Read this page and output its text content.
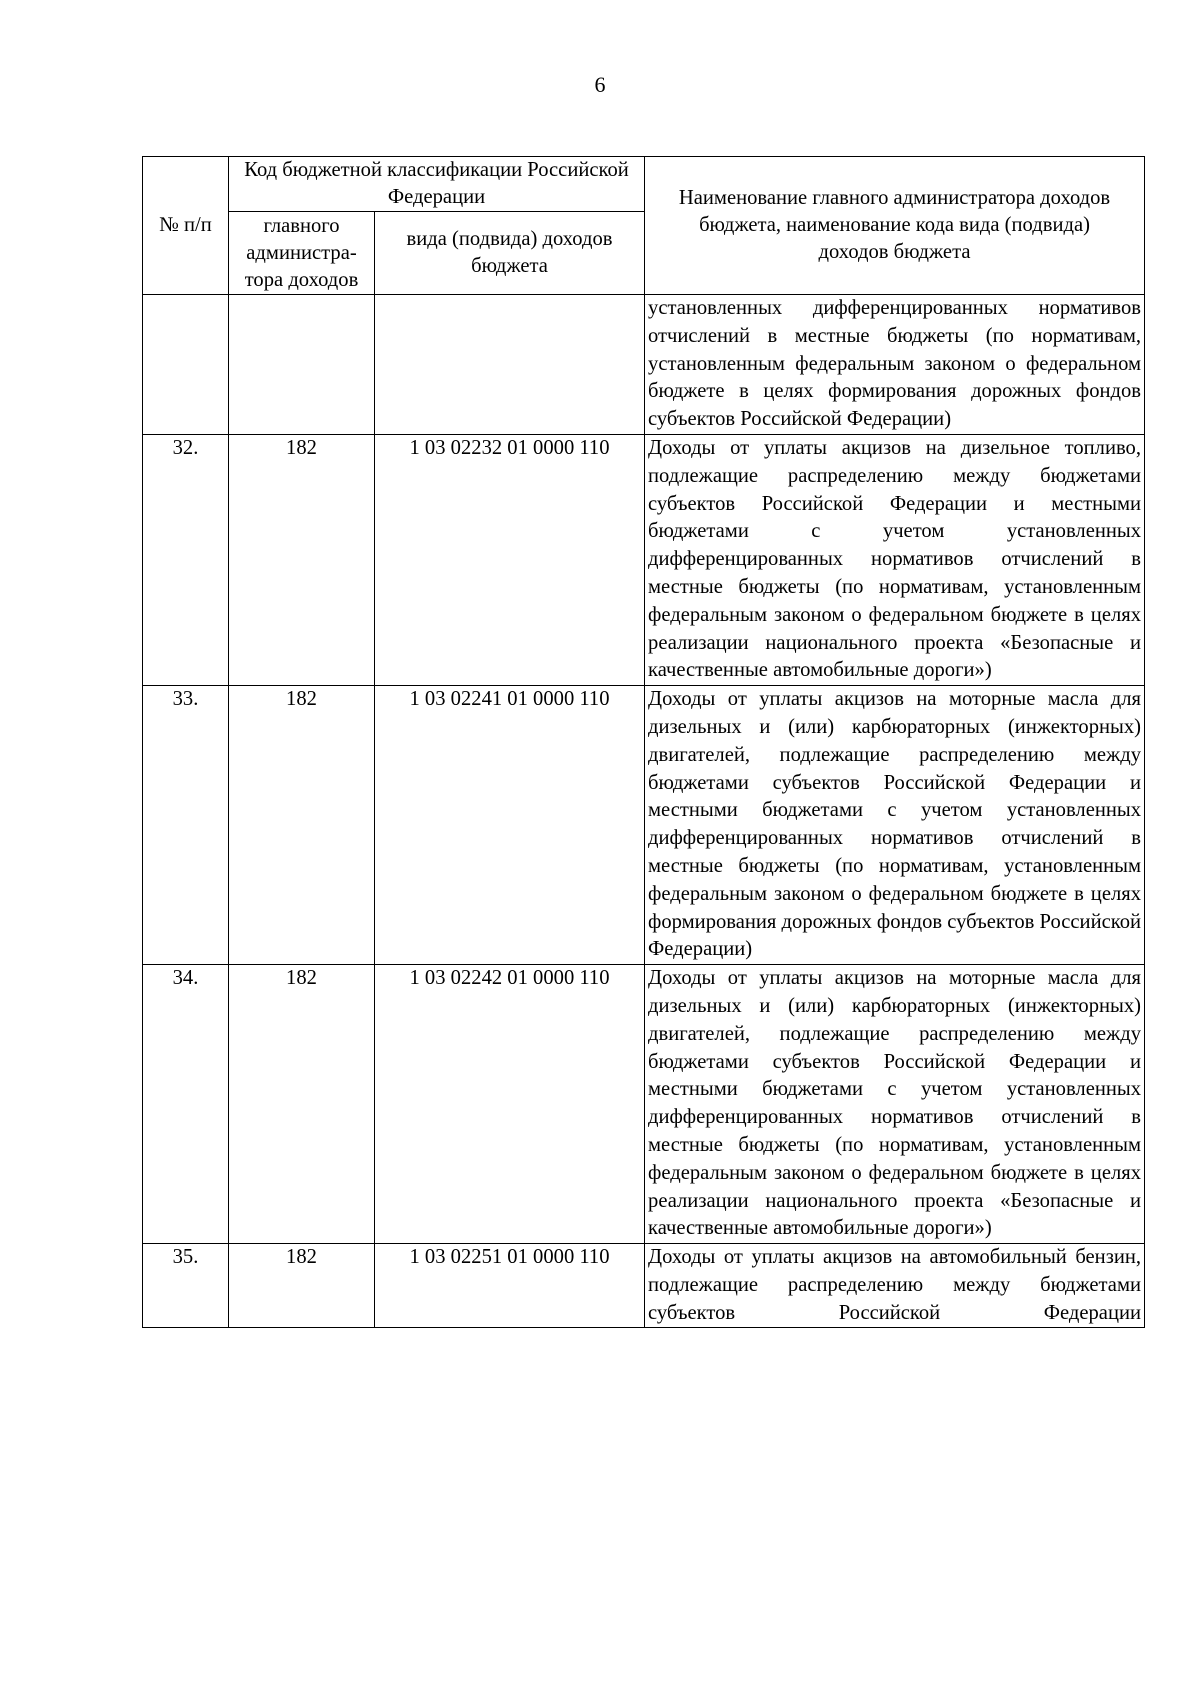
6
№ п/п	Код бюджетной классификации Российской Федерации		Наименование главного администратора доходов бюджета, наименование кода вида (подвида) доходов бюджета
	главного администра-тора доходов	вида (подвида) доходов бюджета	
			установленных дифференцированных нормативов отчислений в местные бюджеты (по нормативам, установленным федеральным законом о федеральном бюджете в целях формирования дорожных фондов субъектов Российской Федерации)
32.	182	1 03 02232 01 0000 110	Доходы от уплаты акцизов на дизельное топливо, подлежащие распределению между бюджетами субъектов Российской Федерации и местными бюджетами с учетом установленных дифференцированных нормативов отчислений в местные бюджеты (по нормативам, установленным федеральным законом о федеральном бюджете в целях реализации национального проекта «Безопасные и качественные автомобильные дороги»)
33.	182	1 03 02241 01 0000 110	Доходы от уплаты акцизов на моторные масла для дизельных и (или) карбюраторных (инжекторных) двигателей, подлежащие распределению между бюджетами субъектов Российской Федерации и местными бюджетами с учетом установленных дифференцированных нормативов отчислений в местные бюджеты (по нормативам, установленным федеральным законом о федеральном бюджете в целях формирования дорожных фондов субъектов Российской Федерации)
34.	182	1 03 02242 01 0000 110	Доходы от уплаты акцизов на моторные масла для дизельных и (или) карбюраторных (инжекторных) двигателей, подлежащие распределению между бюджетами субъектов Российской Федерации и местными бюджетами с учетом установленных дифференцированных нормативов отчислений в местные бюджеты (по нормативам, установленным федеральным законом о федеральном бюджете в целях реализации национального проекта «Безопасные и качественные автомобильные дороги»)
35.	182	1 03 02251 01 0000 110	Доходы от уплаты акцизов на автомобильный бензин, подлежащие распределению между бюджетами субъектов Российской Федерации
